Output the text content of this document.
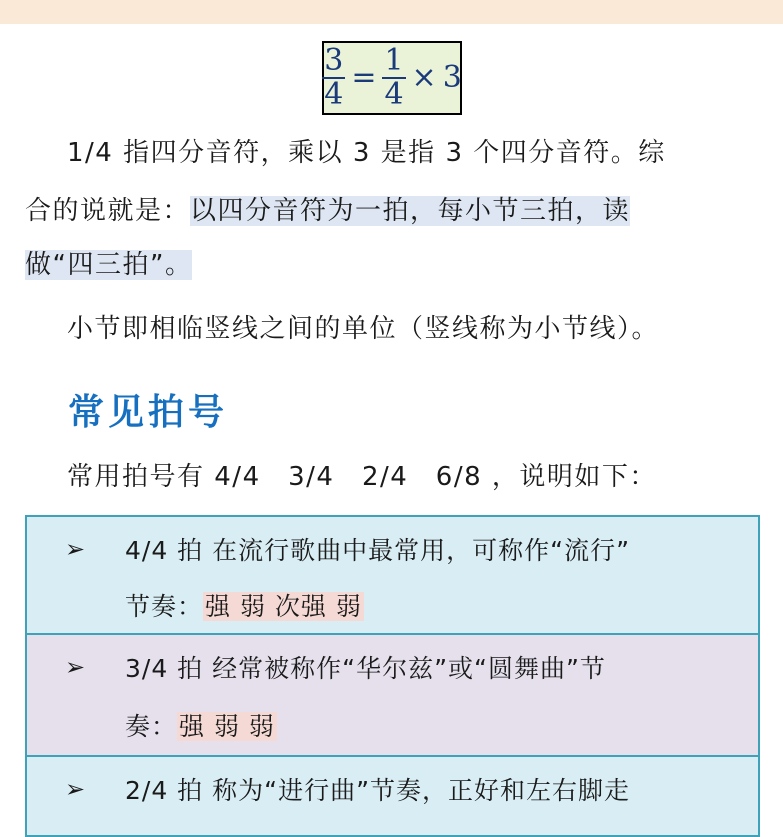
$\frac{3}{4} = \frac{1}{4} \times 3$
1/4 指四分音符，乘以 3 是指 3 个四分音符。综
合的说就是：以四分音符为一拍，每小节三拍，读
做“四三拍”。
小节即相临竖线之间的单位（竖线称为小节线）。
常见拍号
常用拍号有 4/4　3/4　2/4　6/8 ，说明如下：
➢ 4/4 拍 在流行歌曲中最常用，可称作“流行”
节奏：强 弱 次强 弱
➢ 3/4 拍 经常被称作“华尔兹”或“圆舞曲”节
奏：强 弱 弱
➢ 2/4 拍 称为“进行曲”节奏，正好和左右脚走
